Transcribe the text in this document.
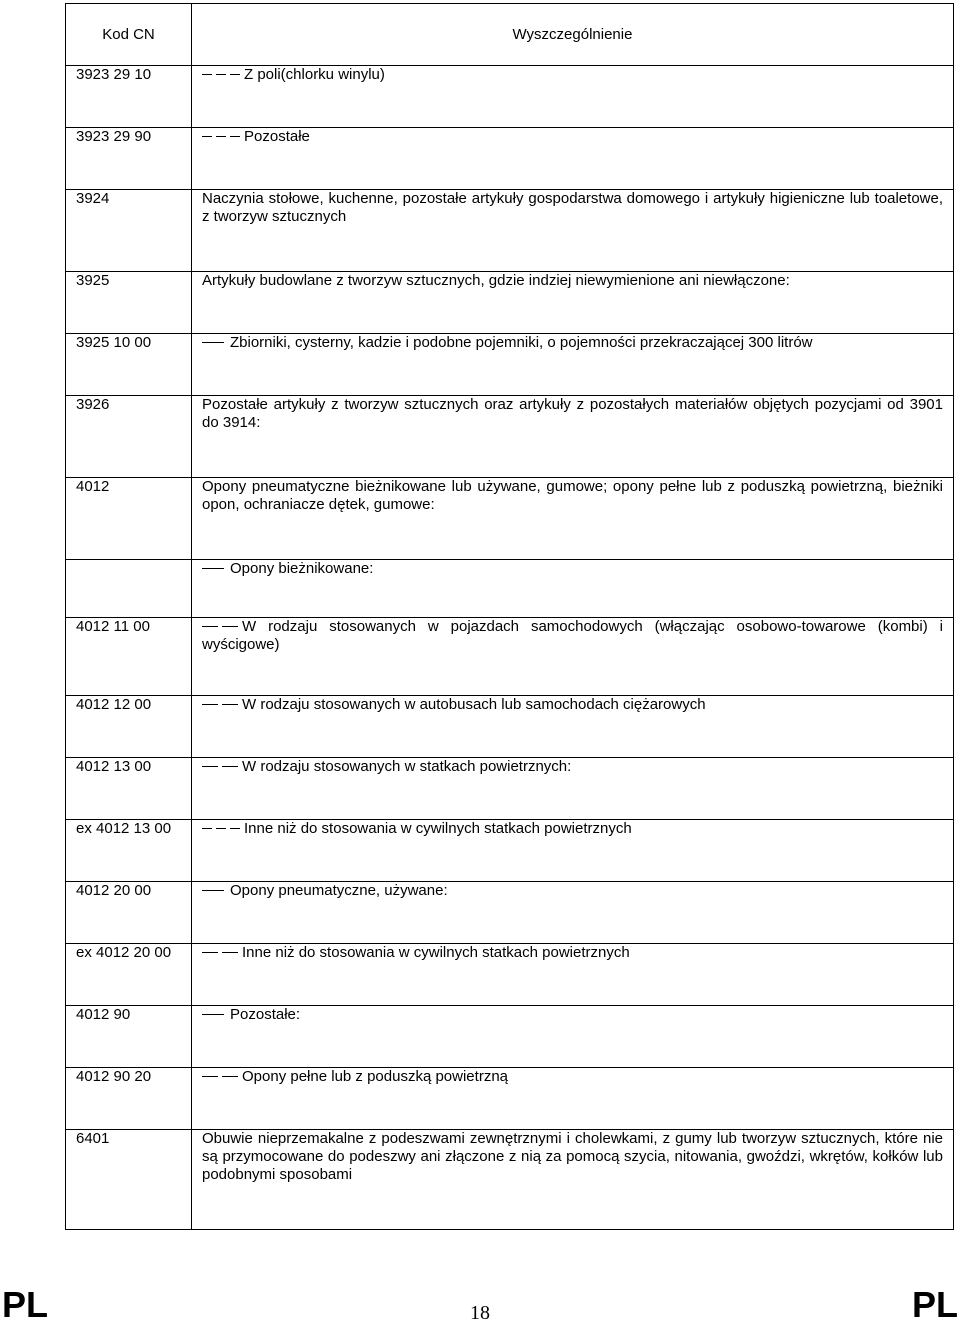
Kod CN	Wyszczególnienie
3923 29 10	Z poli(chlorku winylu)
3923 29 90	Pozostałe
3924	Naczynia stołowe, kuchenne, pozostałe artykuły gospodarstwa domowego i artykuły higieniczne lub toaletowe, z tworzyw sztucznych
3925	Artykuły budowlane z tworzyw sztucznych, gdzie indziej niewymienione ani niewłączone:
3925 10 00	Zbiorniki, cysterny, kadzie i podobne pojemniki, o pojemności przekraczającej 300 litrów
3926	Pozostałe artykuły z tworzyw sztucznych oraz artykuły z pozostałych materiałów objętych pozycjami od 3901 do 3914:
4012	Opony pneumatyczne bieżnikowane lub używane, gumowe; opony pełne lub z poduszką powietrzną, bieżniki opon, ochraniacze dętek, gumowe:
	Opony bieżnikowane:
4012 11 00	W rodzaju stosowanych w pojazdach samochodowych (włączając osobowo-towarowe (kombi) i wyścigowe)
4012 12 00	W rodzaju stosowanych w autobusach lub samochodach ciężarowych
4012 13 00	W rodzaju stosowanych w statkach powietrznych:
ex 4012 13 00	Inne niż do stosowania w cywilnych statkach powietrznych
4012 20 00	Opony pneumatyczne, używane:
ex 4012 20 00	Inne niż do stosowania w cywilnych statkach powietrznych
4012 90	Pozostałe:
4012 90 20	Opony pełne lub z poduszką powietrzną
6401	Obuwie nieprzemakalne z podeszwami zewnętrznymi i cholewkami, z gumy lub tworzyw sztucznych, które nie są przymocowane do podeszwy ani złączone z nią za pomocą szycia, nitowania, gwoździ, wkrętów, kołków lub podobnymi sposobami
PL	18	PL
